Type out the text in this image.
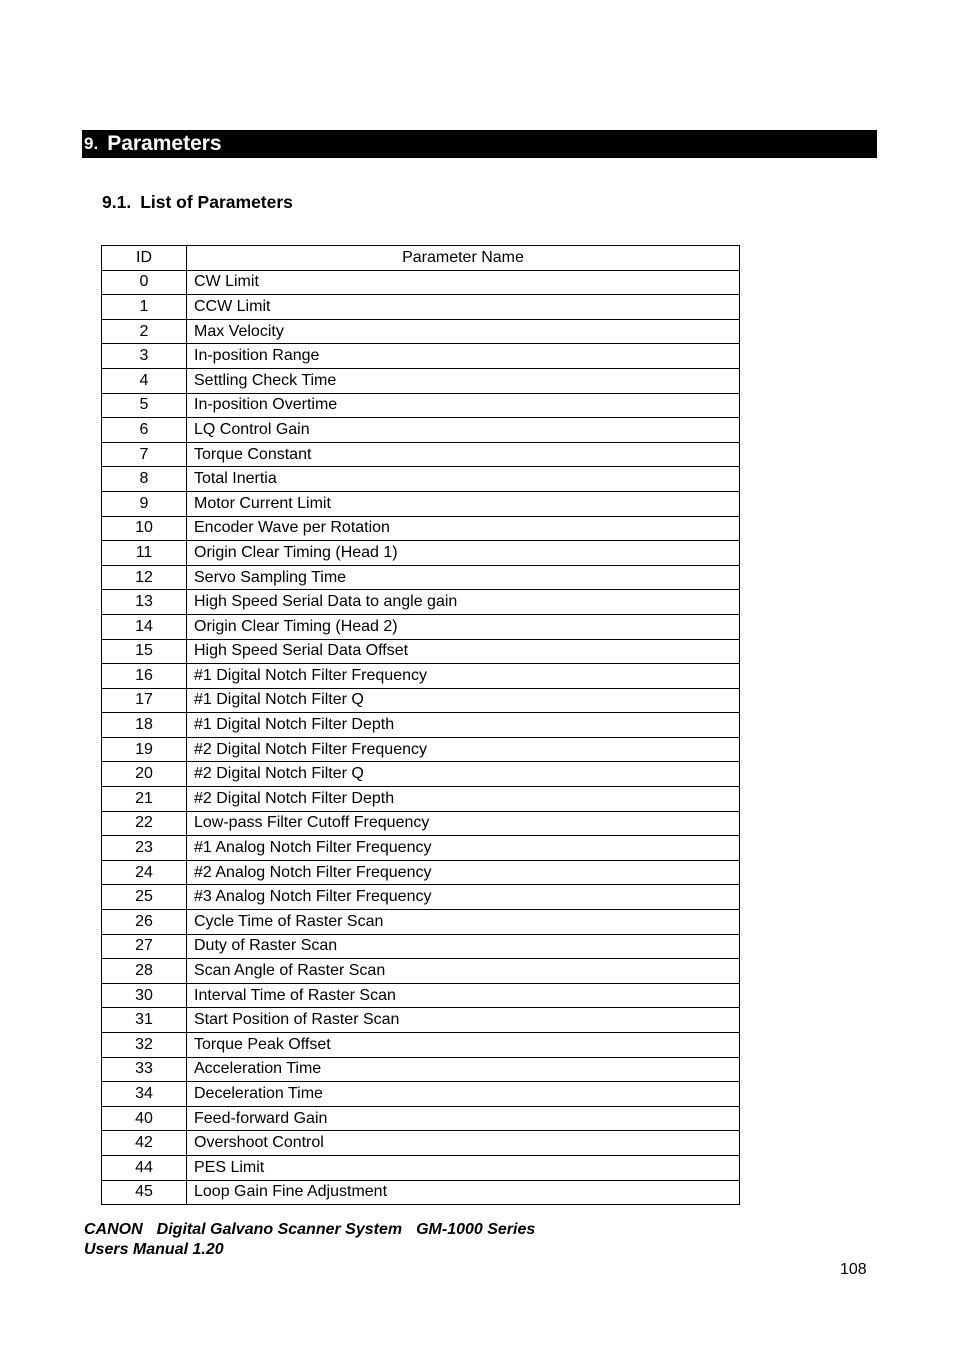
9. Parameters
9.1. List of Parameters
ID	Parameter Name
0	CW Limit
1	CCW Limit
2	Max Velocity
3	In-position Range
4	Settling Check Time
5	In-position Overtime
6	LQ Control Gain
7	Torque Constant
8	Total Inertia
9	Motor Current Limit
10	Encoder Wave per Rotation
11	Origin Clear Timing (Head 1)
12	Servo Sampling Time
13	High Speed Serial Data to angle gain
14	Origin Clear Timing (Head 2)
15	High Speed Serial Data Offset
16	#1 Digital Notch Filter Frequency
17	#1 Digital Notch Filter Q
18	#1 Digital Notch Filter Depth
19	#2 Digital Notch Filter Frequency
20	#2 Digital Notch Filter Q
21	#2 Digital Notch Filter Depth
22	Low-pass Filter Cutoff Frequency
23	#1 Analog Notch Filter Frequency
24	#2 Analog Notch Filter Frequency
25	#3 Analog Notch Filter Frequency
26	Cycle Time of Raster Scan
27	Duty of Raster Scan
28	Scan Angle of Raster Scan
30	Interval Time of Raster Scan
31	Start Position of Raster Scan
32	Torque Peak Offset
33	Acceleration Time
34	Deceleration Time
40	Feed-forward Gain
42	Overshoot Control
44	PES Limit
45	Loop Gain Fine Adjustment
CANON Digital Galvano Scanner System GM-1000 Series
Users Manual 1.20
108
